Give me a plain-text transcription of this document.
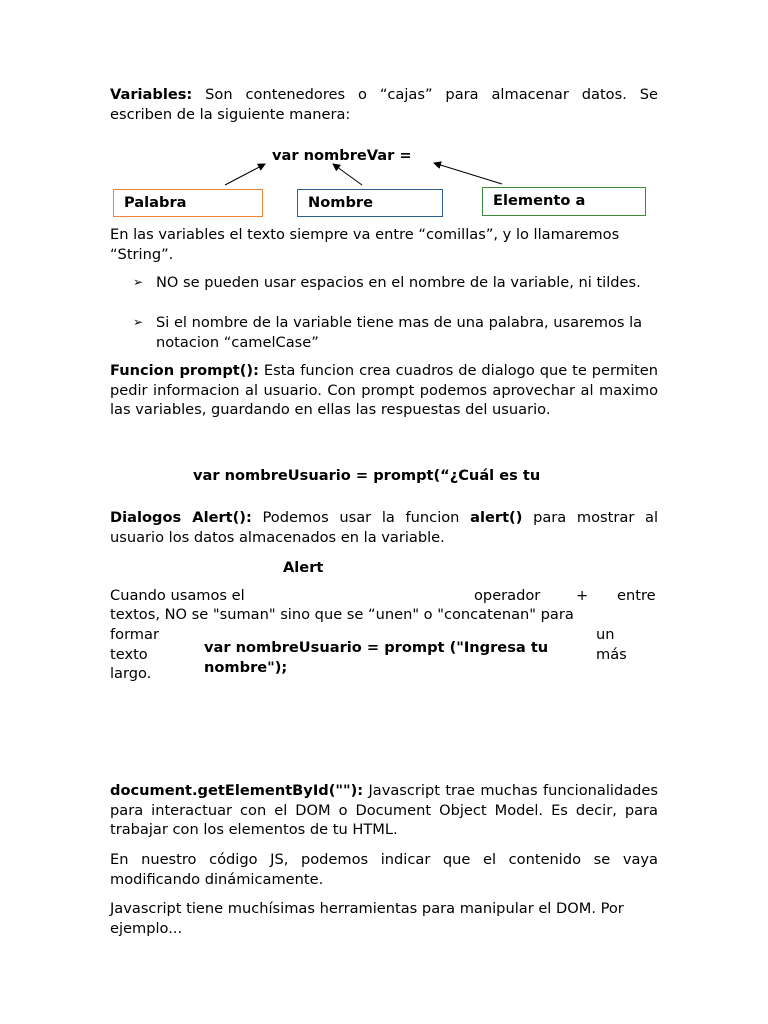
Variables: Son contenedores o “cajas” para almacenar datos. Se escriben de la siguiente manera:

var nombreVar =
Palabra	Nombre	Elemento a

En las variables el texto siempre va entre “comillas”, y lo llamaremos “String”.

➢ NO se pueden usar espacios en el nombre de la variable, ni tildes.
➢ Si el nombre de la variable tiene mas de una palabra, usaremos la notacion “camelCase”

Funcion prompt(): Esta funcion crea cuadros de dialogo que te permiten pedir informacion al usuario. Con prompt podemos aprovechar al maximo las variables, guardando en ellas las respuestas del usuario.

var nombreUsuario = prompt(“¿Cuál es tu

Dialogos Alert(): Podemos usar la funcion alert() para mostrar al usuario los datos almacenados en la variable.

Alert
Cuando usamos el	operador + entre
textos, NO se "suman" sino que se “unen" o "concatenan" para
formar
texto
largo.
un
más
var nombreUsuario = prompt ("Ingresa tu nombre");

document.getElementById(""): Javascript trae muchas funcionalidades para interactuar con el DOM o Document Object Model. Es decir, para trabajar con los elementos de tu HTML.

En nuestro código JS, podemos indicar que el contenido se vaya modificando dinámicamente.

Javascript tiene muchísimas herramientas para manipular el DOM. Por ejemplo...
